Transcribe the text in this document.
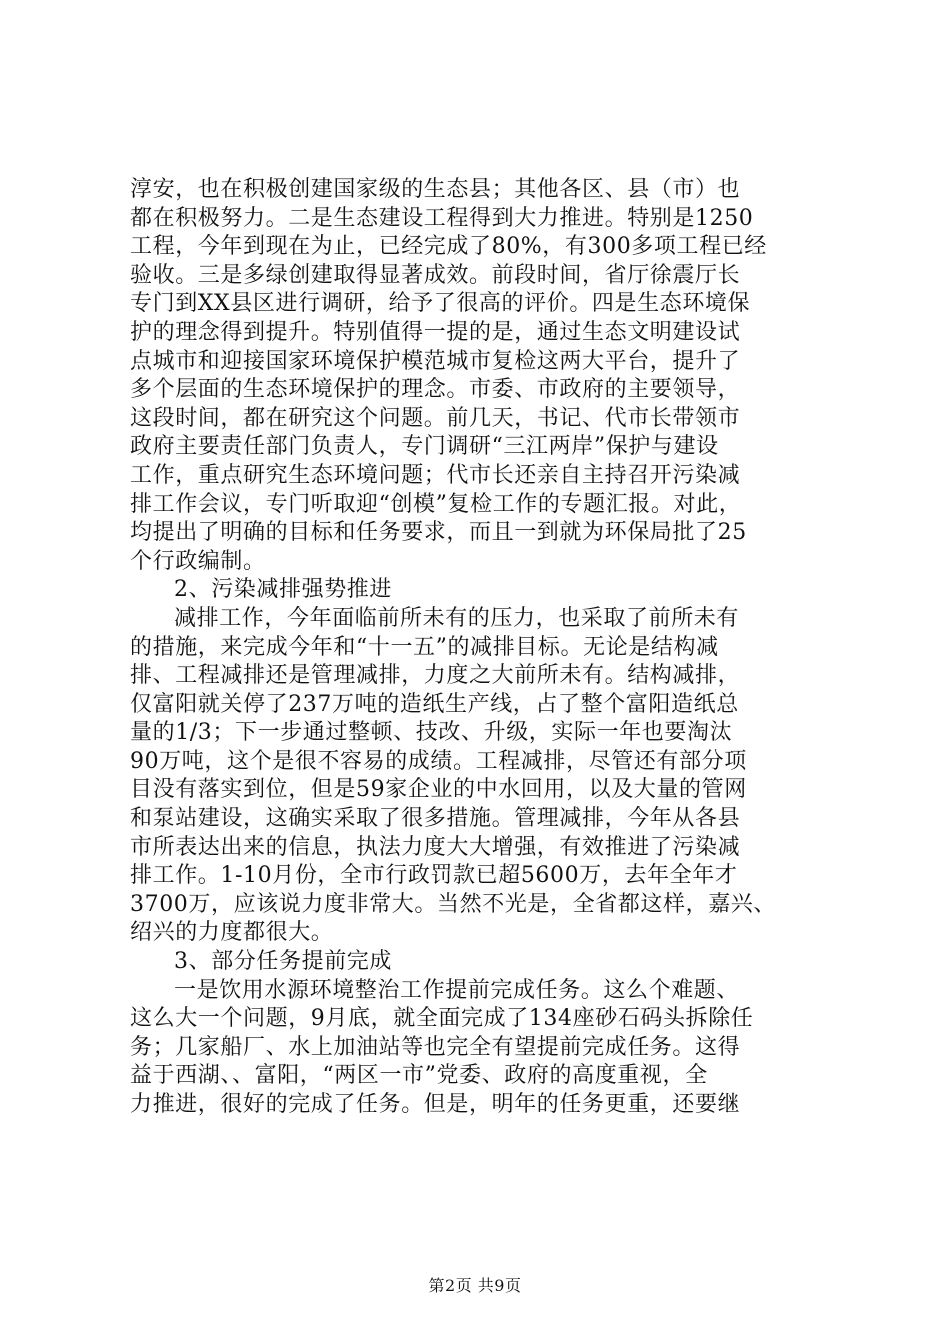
淳安，也在积极创建国家级的生态县；其他各区、县（市）也
都在积极努力。二是生态建设工程得到大力推进。特别是1250
工程，今年到现在为止，已经完成了80%，有300多项工程已经
验收。三是多绿创建取得显著成效。前段时间，省厅徐震厅长
专门到XX县区进行调研，给予了很高的评价。四是生态环境保
护的理念得到提升。特别值得一提的是，通过生态文明建设试
点城市和迎接国家环境保护模范城市复检这两大平台，提升了
多个层面的生态环境保护的理念。市委、市政府的主要领导，
这段时间，都在研究这个问题。前几天，书记、代市长带领市
政府主要责任部门负责人，专门调研“三江两岸”保护与建设
工作，重点研究生态环境问题；代市长还亲自主持召开污染减
排工作会议，专门听取迎“创模”复检工作的专题汇报。对此，
均提出了明确的目标和任务要求，而且一到就为环保局批了25
个行政编制。
2、污染减排强势推进
减排工作，今年面临前所未有的压力，也采取了前所未有
的措施，来完成今年和“十一五”的减排目标。无论是结构减
排、工程减排还是管理减排，力度之大前所未有。结构减排，
仅富阳就关停了237万吨的造纸生产线，占了整个富阳造纸总
量的1/3；下一步通过整顿、技改、升级，实际一年也要淘汰
90万吨，这个是很不容易的成绩。工程减排，尽管还有部分项
目没有落实到位，但是59家企业的中水回用，以及大量的管网
和泵站建设，这确实采取了很多措施。管理减排，今年从各县
市所表达出来的信息，执法力度大大增强，有效推进了污染减
排工作。1-10月份，全市行政罚款已超5600万，去年全年才
3700万，应该说力度非常大。当然不光是，全省都这样，嘉兴、
绍兴的力度都很大。
3、部分任务提前完成
一是饮用水源环境整治工作提前完成任务。这么个难题、
这么大一个问题，9月底，就全面完成了134座砂石码头拆除任
务；几家船厂、水上加油站等也完全有望提前完成任务。这得
益于西湖、、富阳，“两区一市”党委、政府的高度重视，全
力推进，很好的完成了任务。但是，明年的任务更重，还要继
第2页 共9页
